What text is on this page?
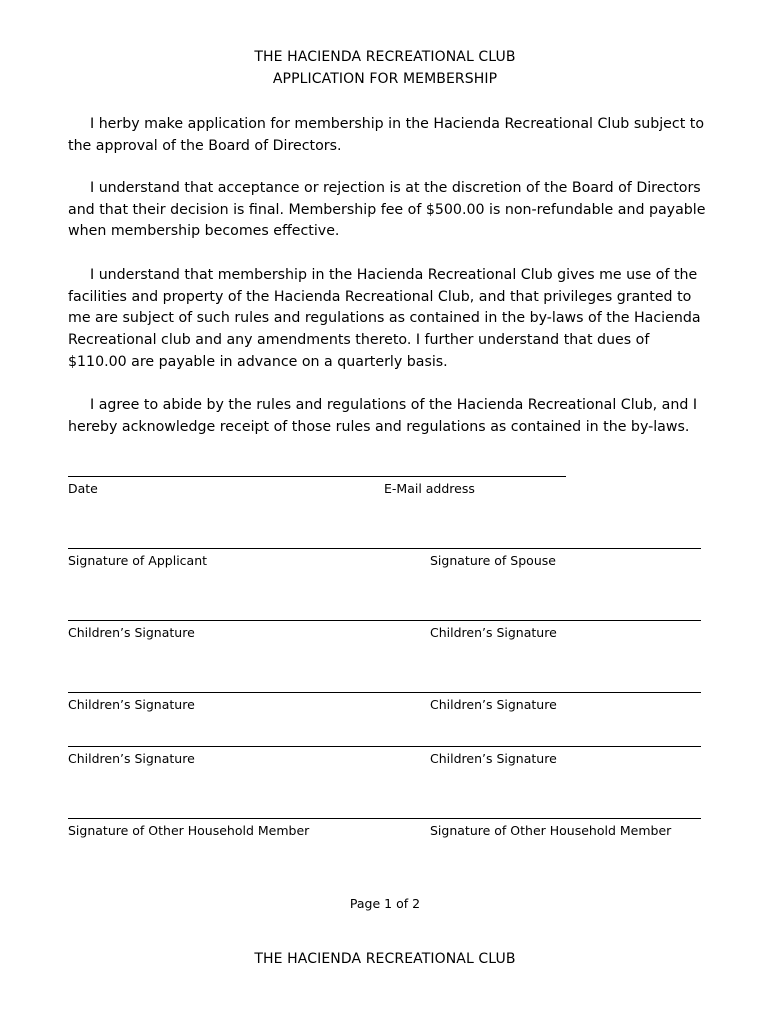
THE HACIENDA RECREATIONAL CLUB
APPLICATION FOR MEMBERSHIP

I herby make application for membership in the Hacienda Recreational Club subject to the approval of the Board of Directors.

I understand that acceptance or rejection is at the discretion of the Board of Directors and that their decision is final. Membership fee of $500.00 is non-refundable and payable when membership becomes effective.

I understand that membership in the Hacienda Recreational Club gives me use of the facilities and property of the Hacienda Recreational Club, and that privileges granted to me are subject of such rules and regulations as contained in the by-laws of the Hacienda Recreational club and any amendments thereto. I further understand that dues of $110.00 are payable in advance on a quarterly basis.

I agree to abide by the rules and regulations of the Hacienda Recreational Club, and I hereby acknowledge receipt of those rules and regulations as contained in the by-laws.

Date	E-Mail address
Signature of Applicant	Signature of Spouse
Children’s Signature	Children’s Signature
Children’s Signature	Children’s Signature
Children’s Signature	Children’s Signature
Signature of Other Household Member	Signature of Other Household Member
Page 1 of 2
THE HACIENDA RECREATIONAL CLUB
